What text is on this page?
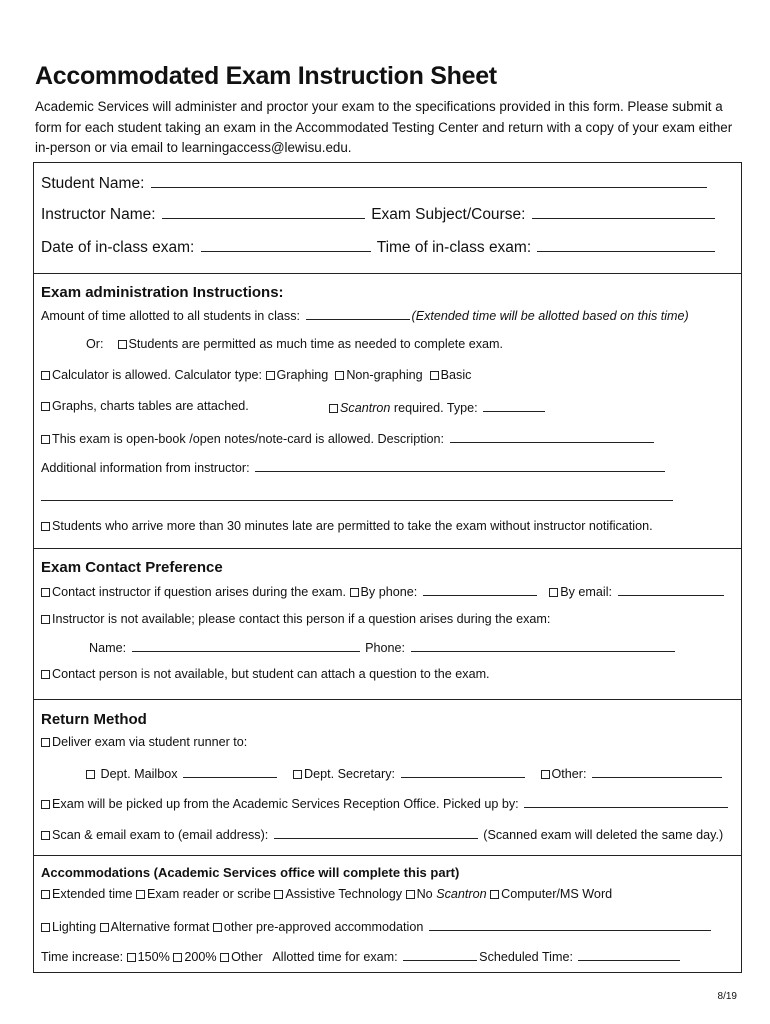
Accommodated Exam Instruction Sheet
Academic Services will administer and proctor your exam to the specifications provided in this form. Please submit a form for each student taking an exam in the Accommodated Testing Center and return with a copy of your exam either in-person or via email to learningaccess@lewisu.edu.
Student Name:
Instructor Name:	Exam Subject/Course:
Date of in-class exam:	Time of in-class exam:
Exam administration Instructions:
Amount of time allotted to all students in class:	(Extended time will be allotted based on this time)
Or: Students are permitted as much time as needed to complete exam.
Calculator is allowed. Calculator type: Graphing Non-graphing Basic
Graphs, charts tables are attached.	Scantron required. Type:
This exam is open-book /open notes/note-card is allowed. Description:
Additional information from instructor:
Students who arrive more than 30 minutes late are permitted to take the exam without instructor notification.
Exam Contact Preference
Contact instructor if question arises during the exam. By phone:	By email:
Instructor is not available; please contact this person if a question arises during the exam:
Name:	Phone:
Contact person is not available, but student can attach a question to the exam.
Return Method
Deliver exam via student runner to:
Dept. Mailbox	Dept. Secretary:	Other:
Exam will be picked up from the Academic Services Reception Office. Picked up by:
Scan & email exam to (email address):	(Scanned exam will deleted the same day.)
Accommodations (Academic Services office will complete this part)
Extended time Exam reader or scribe Assistive Technology No Scantron Computer/MS Word
Lighting Alternative format other pre-approved accommodation
Time increase: 150% 200% Other Allotted time for exam:	Scheduled Time:
8/19
